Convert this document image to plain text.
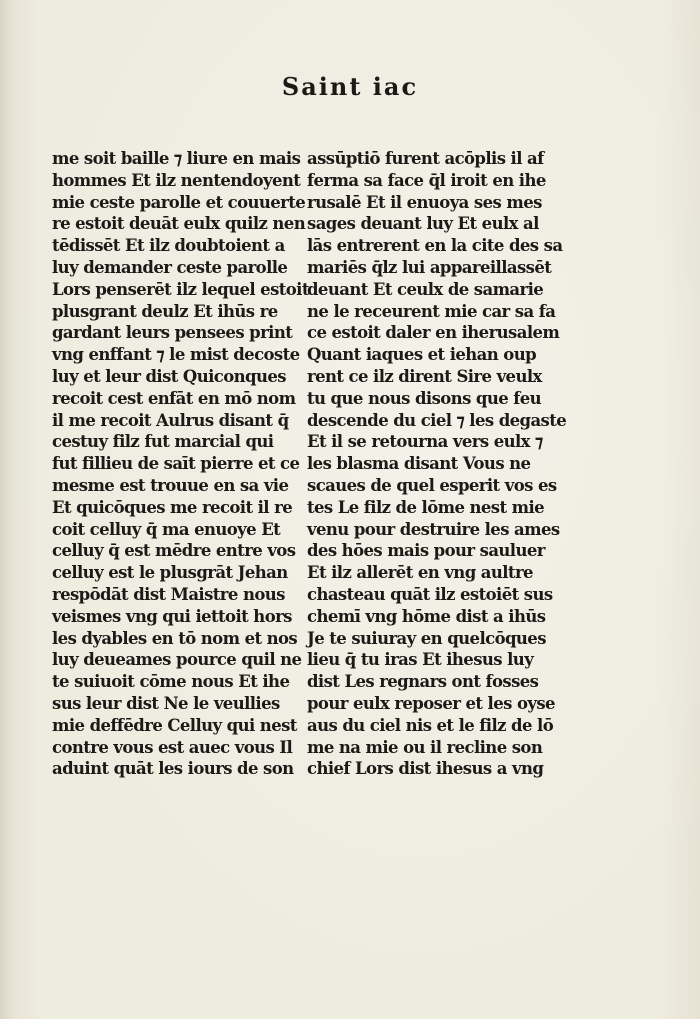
Saint iac
me soit baille ⁊ liure en mais
hommes Et ilz nentendoyent
mie ceste parolle et couuerte
re estoit deuāt eulx quilz nen
tēdissēt Et ilz doubtoient a
luy demander ceste parolle
Lors penserēt ilz lequel estoit
plusgrant deulz Et ihūs re
gardant leurs pensees print
vng enffant ⁊ le mist decoste
luy et leur dist Quiconques
recoit cest enfāt en mō nom
il me recoit Aulrus disant q̄
cestuy filz fut marcial qui
fut fillieu de saīt pierre et ce
mesme est trouue en sa vie
Et quicōques me recoit il re
coit celluy q̄ ma enuoye Et
celluy q̄ est mēdre entre vos
celluy est le plusgrāt Jehan
respōdāt dist Maistre nous
veismes vng qui iettoit hors
les dyables en tō nom et nos
luy deueames pource quil ne
te suiuoit cōme nous Et ihe
sus leur dist Ne le veullies
mie deffēdre Celluy qui nest
contre vous est auec vous Il
aduint quāt les iours de son
assūptiō furent acōplis il af
ferma sa face q̄l iroit en ihe
rusalē Et il enuoya ses mes
sages deuant luy Et eulx al
lās entrerent en la cite des sa
mariēs q̄lz lui appareillassēt
deuant Et ceulx de samarie
ne le receurent mie car sa fa
ce estoit daler en iherusalem
Quant iaques et iehan oup
rent ce ilz dirent Sire veulx
tu que nous disons que feu
descende du ciel ⁊ les degaste
Et il se retourna vers eulx ⁊
les blasma disant Vous ne
scaues de quel esperit vos es
tes Le filz de lōme nest mie
venu pour destruire les ames
des hōes mais pour sauluer
Et ilz allerēt en vng aultre
chasteau quāt ilz estoiēt sus
chemī vng hōme dist a ihūs
Je te suiuray en quelcōques
lieu q̄ tu iras Et ihesus luy
dist Les regnars ont fosses
pour eulx reposer et les oyse
aus du ciel nis et le filz de lō
me na mie ou il recline son
chief Lors dist ihesus a vng
